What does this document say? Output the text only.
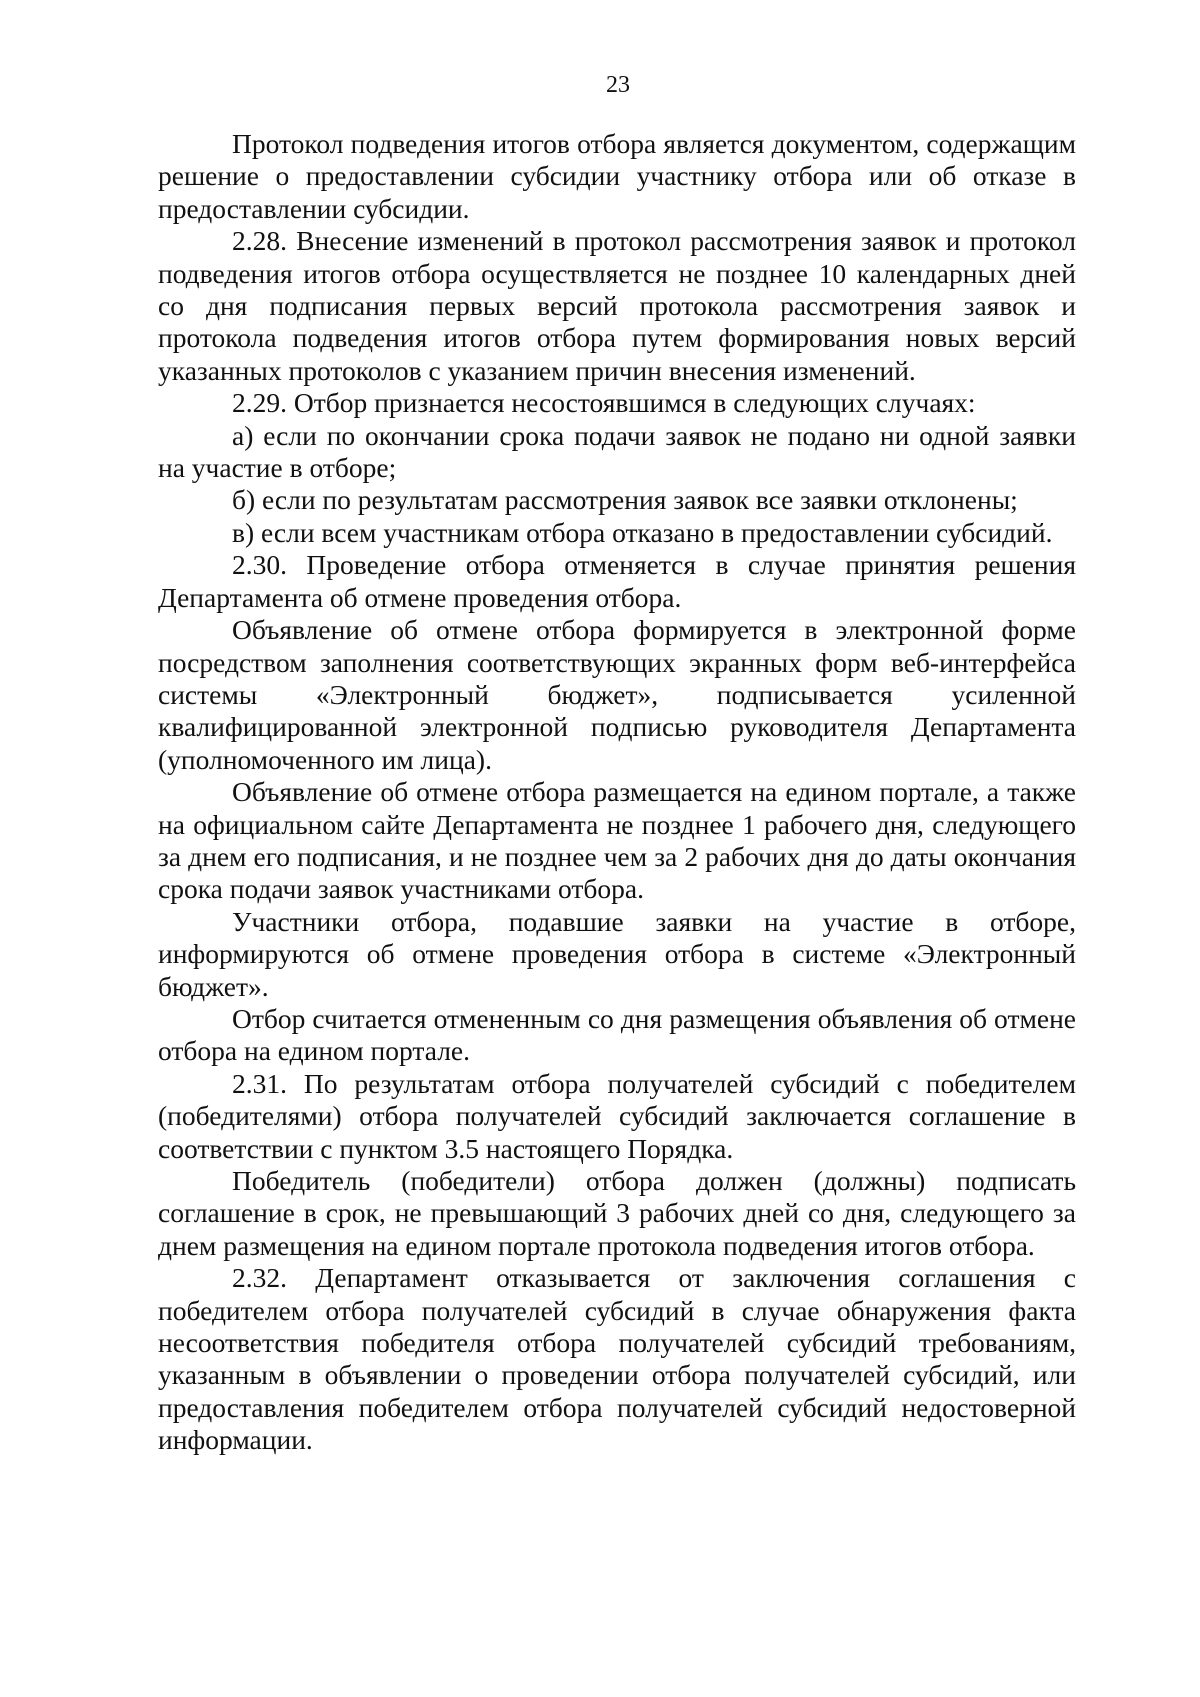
23

Протокол подведения итогов отбора является документом, содержащим решение о предоставлении субсидии участнику отбора или об отказе в предоставлении субсидии.

2.28. Внесение изменений в протокол рассмотрения заявок и протокол подведения итогов отбора осуществляется не позднее 10 календарных дней со дня подписания первых версий протокола рассмотрения заявок и протокола подведения итогов отбора путем формирования новых версий указанных протоколов с указанием причин внесения изменений.

2.29. Отбор признается несостоявшимся в следующих случаях:

а) если по окончании срока подачи заявок не подано ни одной заявки на участие в отборе;

б) если по результатам рассмотрения заявок все заявки отклонены;

в) если всем участникам отбора отказано в предоставлении субсидий.

2.30. Проведение отбора отменяется в случае принятия решения Департамента об отмене проведения отбора.

Объявление об отмене отбора формируется в электронной форме посредством заполнения соответствующих экранных форм веб-интерфейса системы «Электронный бюджет», подписывается усиленной квалифицированной электронной подписью руководителя Департамента (уполномоченного им лица).

Объявление об отмене отбора размещается на едином портале, а также на официальном сайте Департамента не позднее 1 рабочего дня, следующего за днем его подписания, и не позднее чем за 2 рабочих дня до даты окончания срока подачи заявок участниками отбора.

Участники отбора, подавшие заявки на участие в отборе, информируются об отмене проведения отбора в системе «Электронный бюджет».

Отбор считается отмененным со дня размещения объявления об отмене отбора на едином портале.

2.31. По результатам отбора получателей субсидий с победителем (победителями) отбора получателей субсидий заключается соглашение в соответствии с пунктом 3.5 настоящего Порядка.

Победитель (победители) отбора должен (должны) подписать соглашение в срок, не превышающий 3 рабочих дней со дня, следующего за днем размещения на едином портале протокола подведения итогов отбора.

2.32. Департамент отказывается от заключения соглашения с победителем отбора получателей субсидий в случае обнаружения факта несоответствия победителя отбора получателей субсидий требованиям, указанным в объявлении о проведении отбора получателей субсидий, или предоставления победителем отбора получателей субсидий недостоверной информации.
